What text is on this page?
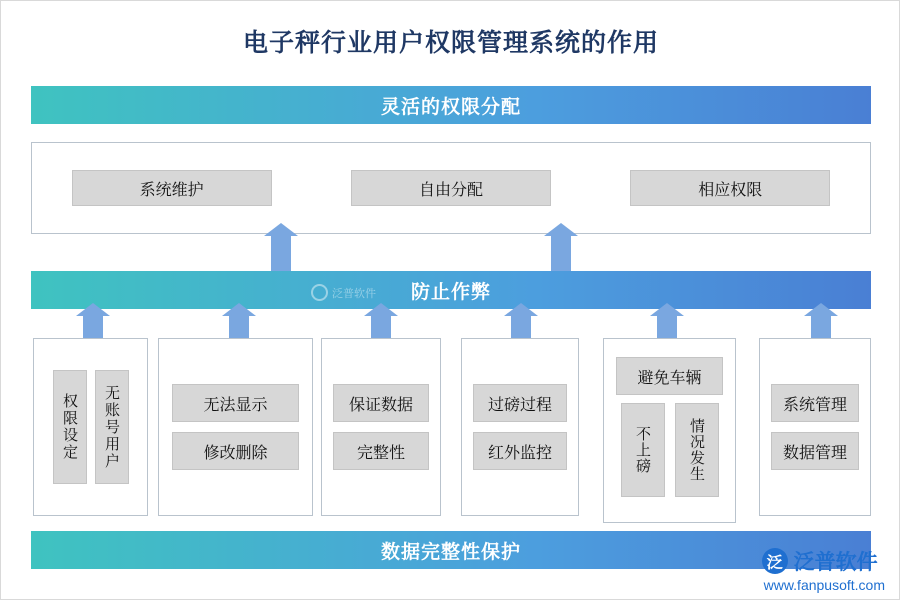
电子秤行业用户权限管理系统的作用
灵活的权限分配
系统维护	自由分配	相应权限
防止作弊
泛普软件
权限设定	无账号用户	无法显示
修改删除
保证数据
完整性
过磅过程
红外监控
避免车辆
不上磅	情况发生
系统管理
数据管理
数据完整性保护
泛 泛普软件
www.fanpusoft.com
